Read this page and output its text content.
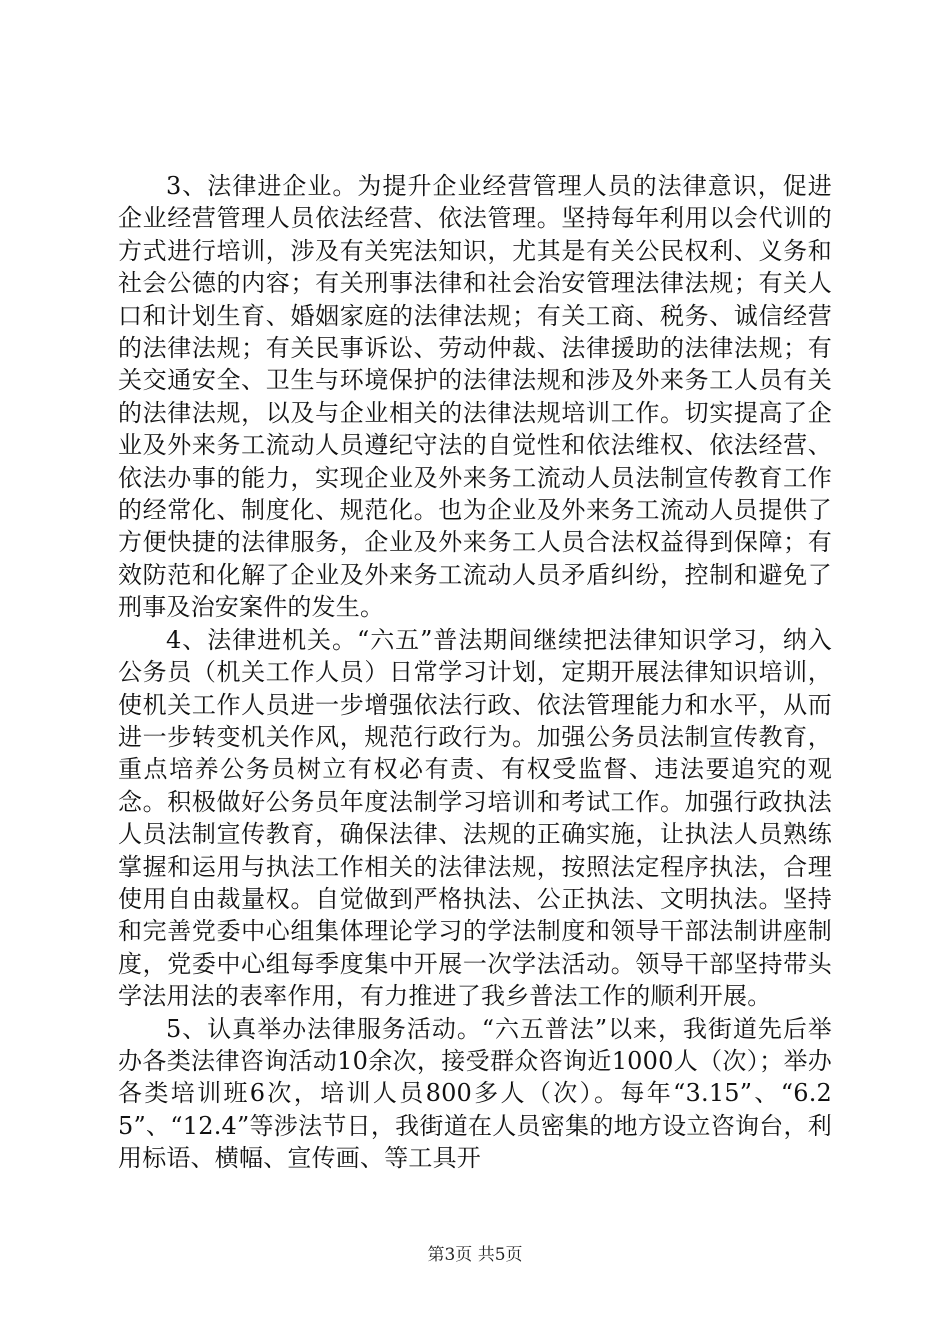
3、法律进企业。为提升企业经营管理人员的法律意识，促进企业经营管理人员依法经营、依法管理。坚持每年利用以会代训的方式进行培训，涉及有关宪法知识，尤其是有关公民权利、义务和社会公德的内容；有关刑事法律和社会治安管理法律法规；有关人口和计划生育、婚姻家庭的法律法规；有关工商、税务、诚信经营的法律法规；有关民事诉讼、劳动仲裁、法律援助的法律法规；有关交通安全、卫生与环境保护的法律法规和涉及外来务工人员有关的法律法规，以及与企业相关的法律法规培训工作。切实提高了企业及外来务工流动人员遵纪守法的自觉性和依法维权、依法经营、依法办事的能力，实现企业及外来务工流动人员法制宣传教育工作的经常化、制度化、规范化。也为企业及外来务工流动人员提供了方便快捷的法律服务，企业及外来务工人员合法权益得到保障；有效防范和化解了企业及外来务工流动人员矛盾纠纷，控制和避免了刑事及治安案件的发生。

4、法律进机关。“六五”普法期间继续把法律知识学习，纳入公务员（机关工作人员）日常学习计划，定期开展法律知识培训，使机关工作人员进一步增强依法行政、依法管理能力和水平，从而进一步转变机关作风，规范行政行为。加强公务员法制宣传教育，重点培养公务员树立有权必有责、有权受监督、违法要追究的观念。积极做好公务员年度法制学习培训和考试工作。加强行政执法人员法制宣传教育，确保法律、法规的正确实施，让执法人员熟练掌握和运用与执法工作相关的法律法规，按照法定程序执法，合理使用自由裁量权。自觉做到严格执法、公正执法、文明执法。坚持和完善党委中心组集体理论学习的学法制度和领导干部法制讲座制度，党委中心组每季度集中开展一次学法活动。领导干部坚持带头学法用法的表率作用，有力推进了我乡普法工作的顺利开展。

5、认真举办法律服务活动。“六五普法”以来，我街道先后举办各类法律咨询活动10余次，接受群众咨询近1000人（次）；举办各类培训班6次，培训人员800多人（次）。每年“3.15”、“6.25”、“12.4”等涉法节日，我街道在人员密集的地方设立咨询台，利用标语、横幅、宣传画、等工具开

第3页 共5页
